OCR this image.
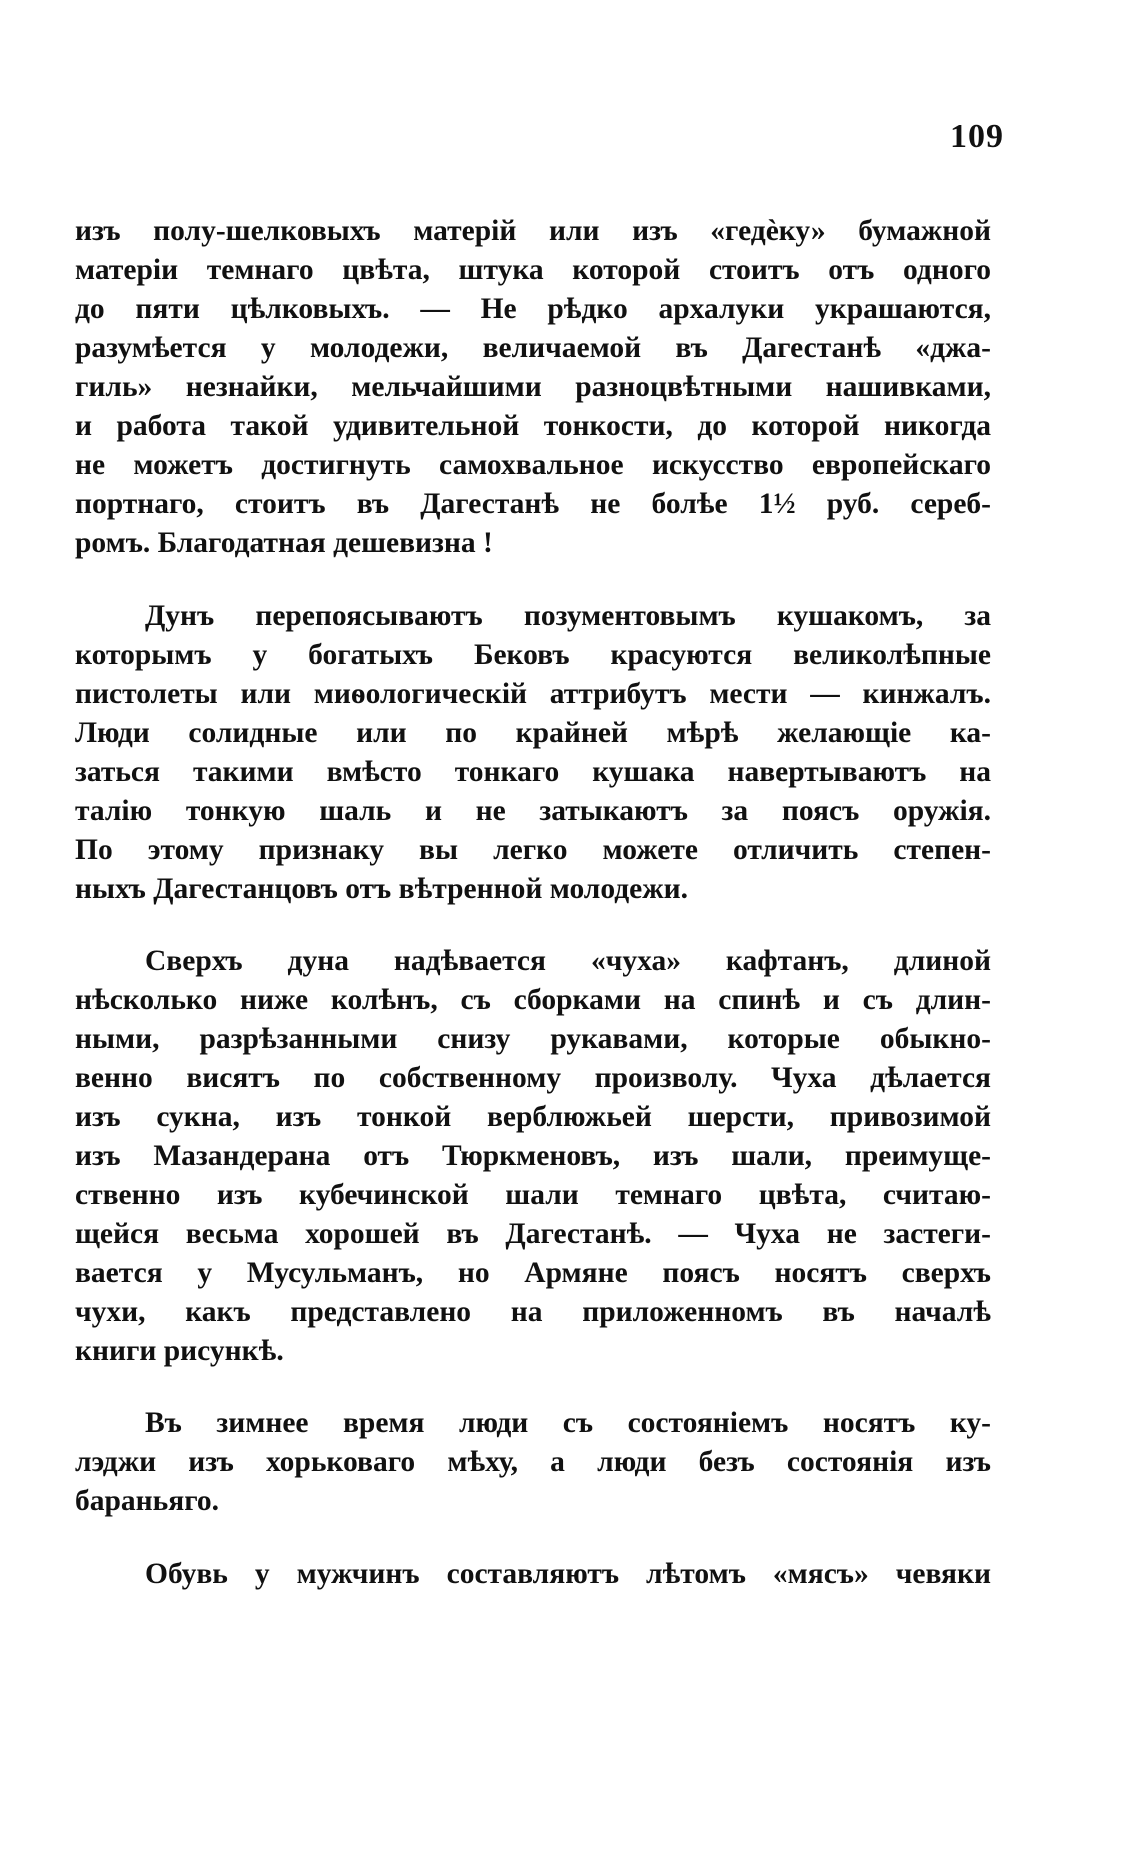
109
изъ полу-шелковыхъ матерій или изъ «гедѐку» бумажной
матеріи темнаго цвѣта, штука которой стоитъ отъ одного
до пяти цѣлковыхъ. — Не рѣдко архалуки украшаются,
разумѣется у молодежи, величаемой въ Дагестанѣ «джа-
гиль» незнайки, мельчайшими разноцвѣтными нашивками,
и работа такой удивительной тонкости, до которой никогда
не можетъ достигнуть самохвальное искусство европейскаго
портнаго, стоитъ въ Дагестанѣ не болѣе 1½ руб. сереб-
ромъ. Благодатная дешевизна !
Дунъ перепоясываютъ позументовымъ кушакомъ, за
которымъ у богатыхъ Бековъ красуются великолѣпные
пистолеты или миѳологическій аттрибутъ мести — кинжалъ.
Люди солидные или по крайней мѣрѣ желающіе ка-
заться такими вмѣсто тонкаго кушака навертываютъ на
талію тонкую шаль и не затыкаютъ за поясъ оружія.
По этому признаку вы легко можете отличить степен-
ныхъ Дагестанцовъ отъ вѣтренной молодежи.
Сверхъ дуна надѣвается «чуха» кафтанъ, длиной
нѣсколько ниже колѣнъ, съ сборками на спинѣ и съ длин-
ными, разрѣзанными снизу рукавами, которые обыкно-
венно висятъ по собственному произволу. Чуха дѣлается
изъ сукна, изъ тонкой верблюжьей шерсти, привозимой
изъ Мазандерана отъ Тюркменовъ, изъ шали, преимуще-
ственно изъ кубечинской шали темнаго цвѣта, считаю-
щейся весьма хорошей въ Дагестанѣ. — Чуха не застеги-
вается у Мусульманъ, но Армяне поясъ носятъ сверхъ
чухи, какъ представлено на приложенномъ въ началѣ
книги рисункѣ.
Въ зимнее время люди съ состояніемъ носятъ ку-
лэджи изъ хорьковаго мѣху, а люди безъ состоянія изъ
бараньяго.
Обувь у мужчинъ составляютъ лѣтомъ «мясъ» чевяки
